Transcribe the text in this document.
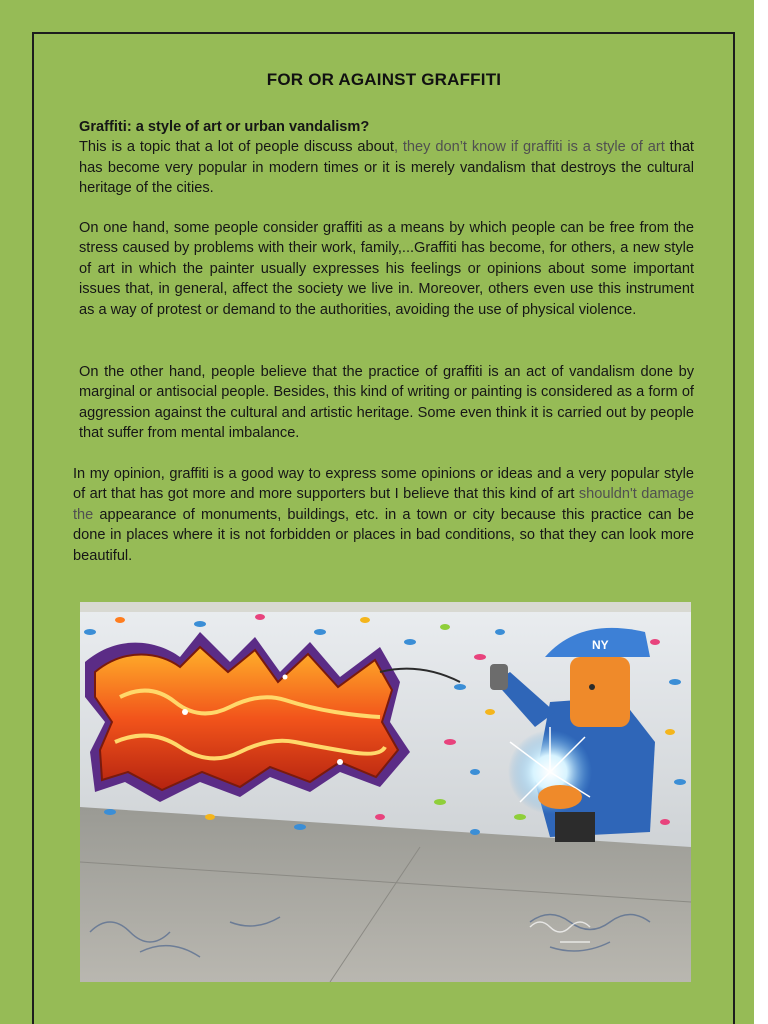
FOR OR AGAINST GRAFFITI
Graffiti: a style of art or urban vandalism?
This is a topic that a lot of people discuss about, they don’t know if graffiti is a style of art that has become very popular in modern times or it is merely vandalism that destroys the cultural heritage of the cities.
On one hand, some people consider graffiti as a means by which people can be free from the stress caused by problems with their work, family,...Graffiti has become, for others, a new style of art in which the painter usually expresses his feelings or opinions about some important issues that, in general, affect the society we live in. Moreover, others even use this instrument as a way of protest or demand to the authorities, avoiding the use of physical violence.
On the other hand, people believe that the practice of graffiti is an act of vandalism done by marginal or antisocial people. Besides, this kind of writing or painting is considered as a form of aggression against the cultural and artistic heritage. Some even think it is carried out by people that suffer from mental imbalance.
In my opinion, graffiti is a good way to express some opinions or ideas and a very popular style of art that has got more and more supporters but I believe that this kind of art shouldn't damage the appearance of monuments, buildings, etc. in a town or city because this practice can be done in places where it is not forbidden or places in bad conditions, so that they can look more beautiful.
NY
